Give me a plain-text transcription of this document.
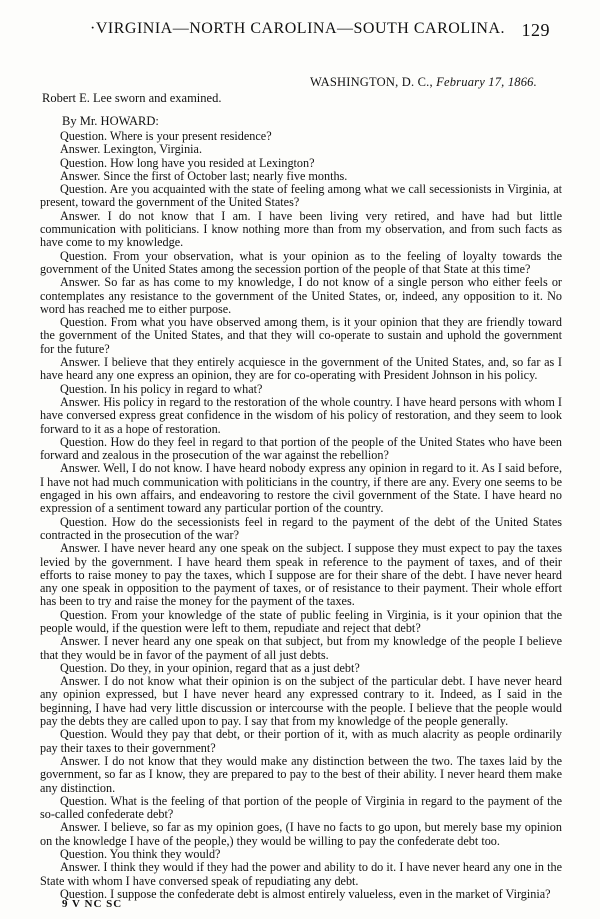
·VIRGINIA—NORTH CAROLINA—SOUTH CAROLINA. 129
WASHINGTON, D. C., February 17, 1866.
Robert E. Lee sworn and examined.
By Mr. HOWARD:

Question. Where is your present residence?

Answer. Lexington, Virginia.

Question. How long have you resided at Lexington?

Answer. Since the first of October last; nearly five months.

Question. Are you acquainted with the state of feeling among what we call secessionists in Virginia, at present, toward the government of the United States?

Answer. I do not know that I am. I have been living very retired, and have had but little communication with politicians. I know nothing more than from my observation, and from such facts as have come to my knowledge.

Question. From your observation, what is your opinion as to the feeling of loyalty towards the government of the United States among the secession portion of the people of that State at this time?

Answer. So far as has come to my knowledge, I do not know of a single person who either feels or contemplates any resistance to the government of the United States, or, indeed, any opposition to it. No word has reached me to either purpose.

Question. From what you have observed among them, is it your opinion that they are friendly toward the government of the United States, and that they will co-operate to sustain and uphold the government for the future?

Answer. I believe that they entirely acquiesce in the government of the United States, and, so far as I have heard any one express an opinion, they are for co-operating with President Johnson in his policy.

Question. In his policy in regard to what?

Answer. His policy in regard to the restoration of the whole country. I have heard persons with whom I have conversed express great confidence in the wisdom of his policy of restoration, and they seem to look forward to it as a hope of restoration.

Question. How do they feel in regard to that portion of the people of the United States who have been forward and zealous in the prosecution of the war against the rebellion?

Answer. Well, I do not know. I have heard nobody express any opinion in regard to it. As I said before, I have not had much communication with politicians in the country, if there are any. Every one seems to be engaged in his own affairs, and endeavoring to restore the civil government of the State. I have heard no expression of a sentiment toward any particular portion of the country.

Question. How do the secessionists feel in regard to the payment of the debt of the United States contracted in the prosecution of the war?

Answer. I have never heard any one speak on the subject. I suppose they must expect to pay the taxes levied by the government. I have heard them speak in reference to the payment of taxes, and of their efforts to raise money to pay the taxes, which I suppose are for their share of the debt. I have never heard any one speak in opposition to the payment of taxes, or of resistance to their payment. Their whole effort has been to try and raise the money for the payment of the taxes.

Question. From your knowledge of the state of public feeling in Virginia, is it your opinion that the people would, if the question were left to them, repudiate and reject that debt?

Answer. I never heard any one speak on that subject, but from my knowledge of the people I believe that they would be in favor of the payment of all just debts.

Question. Do they, in your opinion, regard that as a just debt?

Answer. I do not know what their opinion is on the subject of the particular debt. I have never heard any opinion expressed, but I have never heard any expressed contrary to it. Indeed, as I said in the beginning, I have had very little discussion or intercourse with the people. I believe that the people would pay the debts they are called upon to pay. I say that from my knowledge of the people generally.

Question. Would they pay that debt, or their portion of it, with as much alacrity as people ordinarily pay their taxes to their government?

Answer. I do not know that they would make any distinction between the two. The taxes laid by the government, so far as I know, they are prepared to pay to the best of their ability. I never heard them make any distinction.

Question. What is the feeling of that portion of the people of Virginia in regard to the payment of the so-called confederate debt?

Answer. I believe, so far as my opinion goes, (I have no facts to go upon, but merely base my opinion on the knowledge I have of the people,) they would be willing to pay the confederate debt too.

Question. You think they would?

Answer. I think they would if they had the power and ability to do it. I have never heard any one in the State with whom I have conversed speak of repudiating any debt.

Question. I suppose the confederate debt is almost entirely valueless, even in the market of Virginia?

9 V NC SC
